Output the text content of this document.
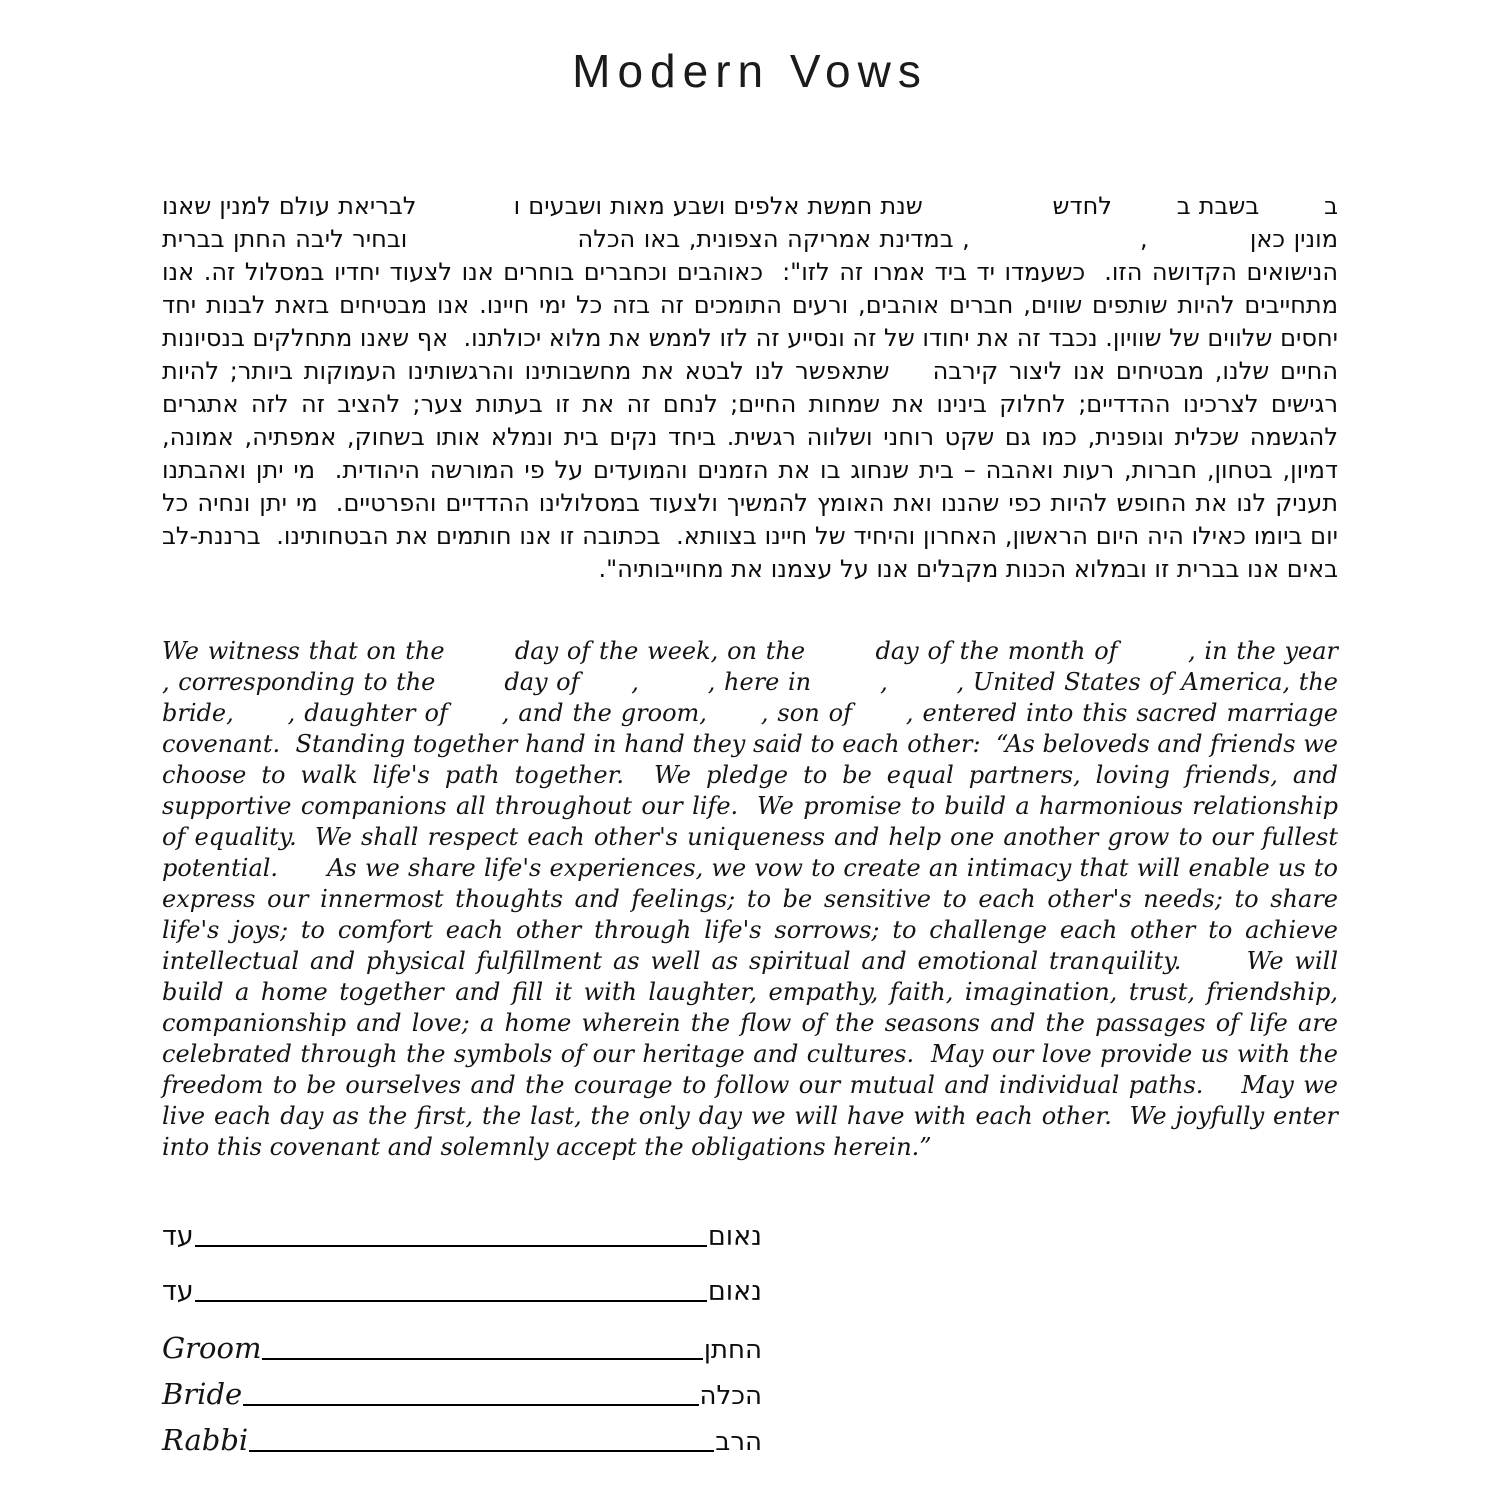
Modern Vows

ב        בשבת ב        לחדש                שנת חמשת אלפים ושבע מאות ושבעים ו            לבריאת עולם למנין שאנו מונין כאן            ,                    , במדינת אמריקה הצפונית, באו הכלה                    ובחיר ליבה החתן בברית הנישואים הקדושה הזו.  כשעמדו יד ביד אמרו זה לזו":  כאוהבים וכחברים בוחרים אנו לצעוד יחדיו במסלול זה. אנו מתחייבים להיות שותפים שווים, חברים אוהבים, ורעים התומכים זה בזה כל ימי חיינו. אנו מבטיחים בזאת לבנות יחד יחסים שלווים של שוויון. נכבד זה את יחודו של זה ונסייע זה לזו לממש את מלוא יכולתנו.  אף שאנו מתחלקים בנסיונות החיים שלנו, מבטיחים אנו ליצור קירבה    שתאפשר לנו לבטא את מחשבותינו והרגשותינו העמוקות ביותר; להיות רגישים לצרכינו ההדדיים; לחלוק בינינו את שמחות החיים; לנחם זה את זו בעתות צער; להציב זה לזה אתגרים להגשמה שכלית וגופנית, כמו גם שקט רוחני ושלווה רגשית. ביחד נקים בית ונמלא אותו בשחוק, אמפתיה, אמונה, דמיון, בטחון, חברות, רעות ואהבה – בית שנחוג בו את הזמנים והמועדים על פי המורשה היהודית.  מי יתן ואהבתנו תעניק לנו את החופש להיות כפי שהננו ואת האומץ להמשיך ולצעוד במסלולינו ההדדיים והפרטיים.  מי יתן ונחיה כל יום ביומו כאילו היה היום הראשון, האחרון והיחיד של חיינו בצוותא.  בכתובה זו אנו חותמים את הבטחותינו.  ברננת-לב באים אנו בברית זו ובמלוא הכנות מקבלים אנו על עצמנו את מחוייבותיה".

We witness that on the        day of the week, on the        day of the month of        , in the year      , corresponding to the        day of      ,        , here in        ,        , United States of America, the bride,      , daughter of      , and the groom,      , son of      , entered into this sacred marriage covenant.  Standing together hand in hand they said to each other:  “As beloveds and friends we choose to walk life's path together.  We pledge to be equal partners, loving friends, and supportive companions all throughout our life.  We promise to build a harmonious relationship of equality.  We shall respect each other's uniqueness and help one another grow to our fullest potential.      As we share life's experiences, we vow to create an intimacy that will enable us to express our innermost thoughts and feelings; to be sensitive to each other's needs; to share life's joys; to comfort each other through life's sorrows; to challenge each other to achieve intellectual and physical fulfillment as well as spiritual and emotional tranquility.      We will build a home together and fill it with laughter, empathy, faith, imagination, trust, friendship, companionship and love; a home wherein the flow of the seasons and the passages of life are celebrated through the symbols of our heritage and cultures.  May our love provide us with the freedom to be ourselves and the courage to follow our mutual and individual paths.    May we live each day as the first, the last, the only day we will have with each other.  We joyfully enter into this covenant and solemnly accept the obligations herein.”

עד	נאום
עד	נאום
Groom	החתן
Bride	הכלה
Rabbi	הרב
